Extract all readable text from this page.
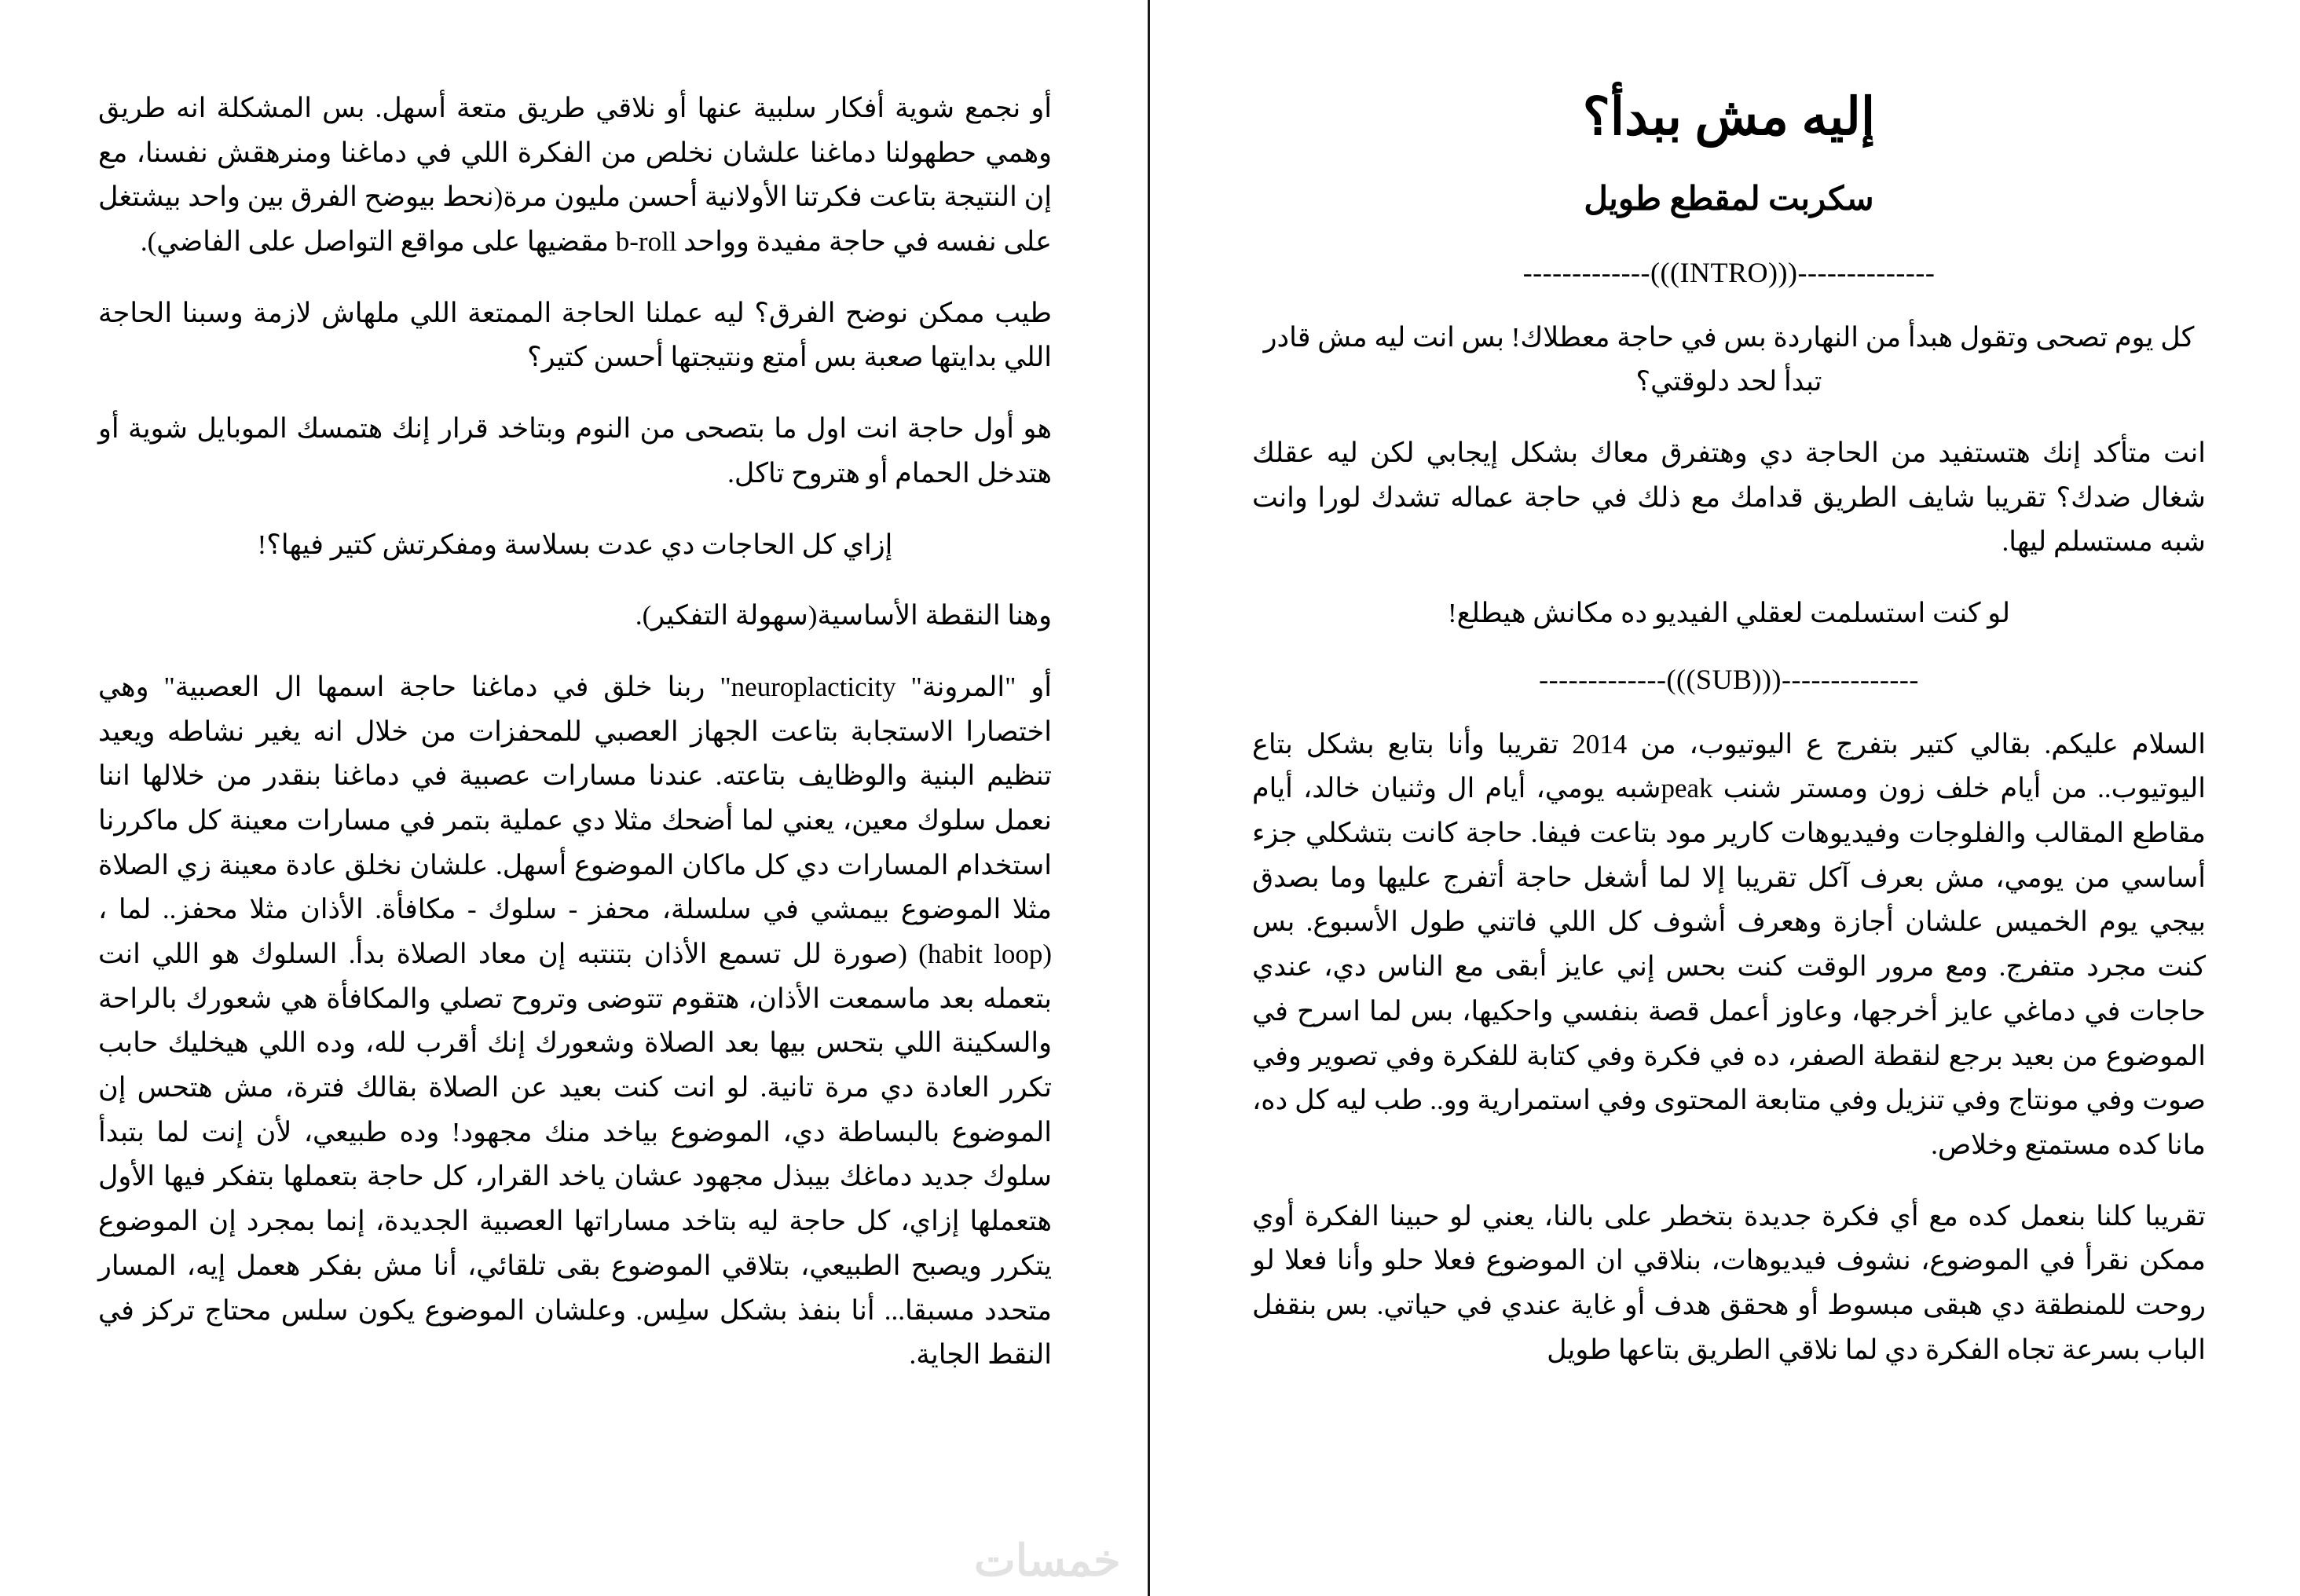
إليه مش ببدأ؟
سكربت لمقطع طويل
--------------(((INTRO)))-------------

كل يوم تصحى وتقول هبدأ من النهاردة بس في حاجة معطلاك! بس انت ليه مش قادر تبدأ لحد دلوقتي؟

انت متأكد إنك هتستفيد من الحاجة دي وهتفرق معاك بشكل إيجابي لكن ليه عقلك شغال ضدك؟ تقريبا شايف الطريق قدامك مع ذلك في حاجة عماله تشدك لورا وانت شبه مستسلم ليها.

لو كنت استسلمت لعقلي الفيديو ده مكانش هيطلع!

--------------(((SUB)))-------------

السلام عليكم. بقالي كتير بتفرج ع اليوتيوب، من 2014 تقريبا وأنا بتابع بشكل بتاع اليوتيوب.. من أيام خلف زون ومستر شنب peakشبه يومي، أيام ال وثنيان خالد، أيام مقاطع المقالب والفلوجات وفيديوهات كارير مود بتاعت فيفا. حاجة كانت بتشكلي جزء أساسي من يومي، مش بعرف آكل تقريبا إلا لما أشغل حاجة أتفرج عليها وما بصدق بيجي يوم الخميس علشان أجازة وهعرف أشوف كل اللي فاتني طول الأسبوع. بس كنت مجرد متفرج. ومع مرور الوقت كنت بحس إني عايز أبقى مع الناس دي، عندي حاجات في دماغي عايز أخرجها، وعاوز أعمل قصة بنفسي واحكيها، بس لما اسرح في الموضوع من بعيد برجع لنقطة الصفر، ده في فكرة وفي كتابة للفكرة وفي تصوير وفي صوت وفي مونتاج وفي تنزيل وفي متابعة المحتوى وفي استمرارية وو.. طب ليه كل ده، مانا كده مستمتع وخلاص.

تقريبا كلنا بنعمل كده مع أي فكرة جديدة بتخطر على بالنا، يعني لو حبينا الفكرة أوي ممكن نقرأ في الموضوع، نشوف فيديوهات، بنلاقي ان الموضوع فعلا حلو وأنا فعلا لو روحت للمنطقة دي هبقى مبسوط أو هحقق هدف أو غاية عندي في حياتي. بس بنقفل الباب بسرعة تجاه الفكرة دي لما نلاقي الطريق بتاعها طويل

أو نجمع شوية أفكار سلبية عنها أو نلاقي طريق متعة أسهل. بس المشكلة انه طريق وهمي حطهولنا دماغنا علشان نخلص من الفكرة اللي في دماغنا ومنرهقش نفسنا، مع إن النتيجة بتاعت فكرتنا الأولانية أحسن مليون مرة(نحط بيوضح الفرق بين واحد بيشتغل على نفسه في حاجة مفيدة وواحد b-roll مقضيها على مواقع التواصل على الفاضي).

طيب ممكن نوضح الفرق؟ ليه عملنا الحاجة الممتعة اللي ملهاش لازمة وسبنا الحاجة اللي بدايتها صعبة بس أمتع ونتيجتها أحسن كتير؟

هو أول حاجة انت اول ما بتصحى من النوم وبتاخد قرار إنك هتمسك الموبايل شوية أو هتدخل الحمام أو هتروح تاكل.

إزاي كل الحاجات دي عدت بسلاسة ومفكرتش كتير فيها؟!

وهنا النقطة الأساسية(سهولة التفكير).

أو "المرونة" neuroplacticity" ربنا خلق في دماغنا حاجة اسمها ال العصبية" وهي اختصارا الاستجابة بتاعت الجهاز العصبي للمحفزات من خلال انه يغير نشاطه ويعيد تنظيم البنية والوظايف بتاعته. عندنا مسارات عصبية في دماغنا بنقدر من خلالها اننا نعمل سلوك معين، يعني لما أضحك مثلا دي عملية بتمر في مسارات معينة كل ماكررنا استخدام المسارات دي كل ماكان الموضوع أسهل. علشان نخلق عادة معينة زي الصلاة مثلا الموضوع بيمشي في سلسلة، محفز - سلوك - مكافأة. الأذان مثلا محفز.. لما ،(habit loop) (صورة لل تسمع الأذان بتنتبه إن معاد الصلاة بدأ. السلوك هو اللي انت بتعمله بعد ماسمعت الأذان، هتقوم تتوضى وتروح تصلي والمكافأة هي شعورك بالراحة والسكينة اللي بتحس بيها بعد الصلاة وشعورك إنك أقرب لله، وده اللي هيخليك حابب تكرر العادة دي مرة تانية. لو انت كنت بعيد عن الصلاة بقالك فترة، مش هتحس إن الموضوع بالبساطة دي، الموضوع بياخد منك مجهود! وده طبيعي، لأن إنت لما بتبدأ سلوك جديد دماغك بيبذل مجهود عشان ياخد القرار، كل حاجة بتعملها بتفكر فيها الأول هتعملها إزاي، كل حاجة ليه بتاخد مساراتها العصبية الجديدة، إنما بمجرد إن الموضوع يتكرر ويصبح الطبيعي، بتلاقي الموضوع بقى تلقائي، أنا مش بفكر هعمل إيه، المسار متحدد مسبقا... أنا بنفذ بشكل سلِس. وعلشان الموضوع يكون سلس محتاج تركز في النقط الجاية.

خمسات
